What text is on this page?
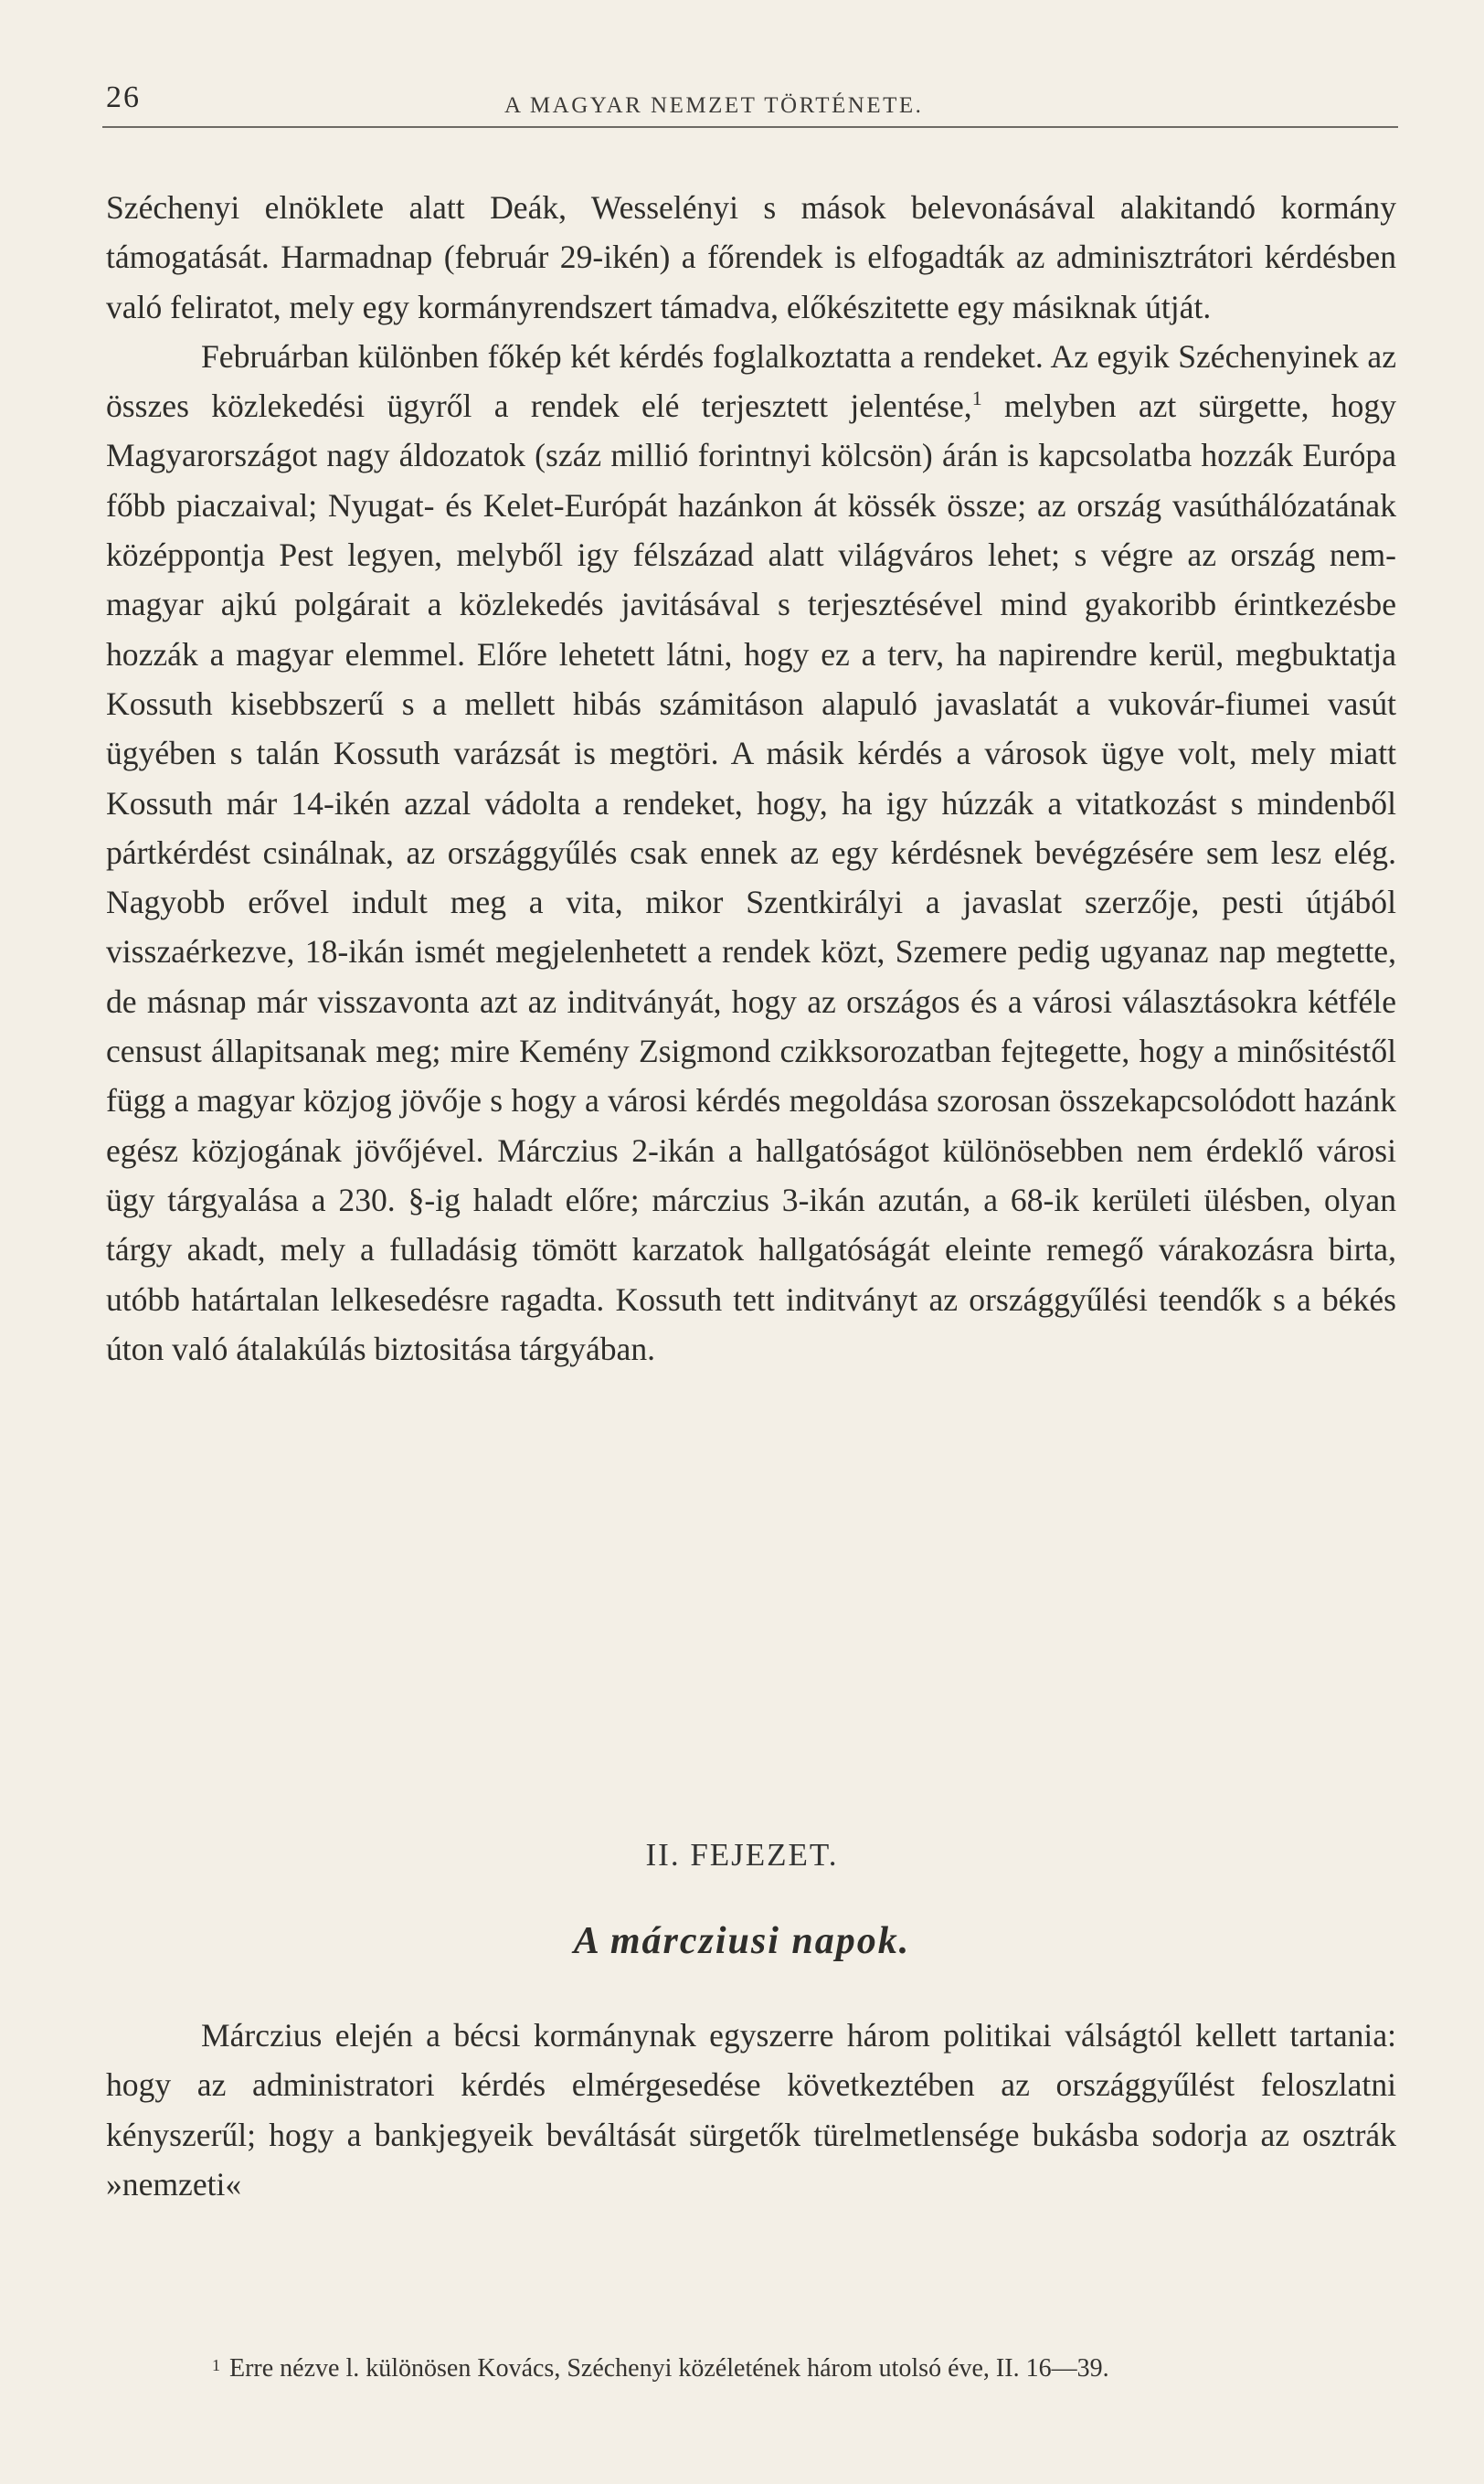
26	A MAGYAR NEMZET TÖRTÉNETE.

Széchenyi elnöklete alatt Deák, Wesselényi s mások belevonásával alakitandó kormány támogatását. Harmadnap (február 29-ikén) a főrendek is elfogadták az adminisztrátori kérdésben való feliratot, mely egy kormányrendszert támadva, előkészitette egy másiknak útját.

Februárban különben főkép két kérdés foglalkoztatta a rendeket. Az egyik Széchenyinek az összes közlekedési ügyről a rendek elé terjesztett jelentése,$^1$ melyben azt sürgette, hogy Magyarországot nagy áldozatok (száz millió forintnyi kölcsön) árán is kapcsolatba hozzák Európa főbb piaczaival; Nyugat- és Kelet-Európát hazánkon át kössék össze; az ország vasúthálózatának középpontja Pest legyen, melyből igy félszázad alatt világváros lehet; s végre az ország nem-magyar ajkú polgárait a közlekedés javitásával s terjesztésével mind gyakoribb érintkezésbe hozzák a magyar elemmel. Előre lehetett látni, hogy ez a terv, ha napirendre kerül, megbuktatja Kossuth kisebbszerű s a mellett hibás számitáson alapuló javaslatát a vukovár-fiumei vasút ügyében s talán Kossuth varázsát is megtöri. A másik kérdés a városok ügye volt, mely miatt Kossuth már 14-ikén azzal vádolta a rendeket, hogy, ha igy húzzák a vitatkozást s mindenből pártkérdést csinálnak, az országgyűlés csak ennek az egy kérdésnek bevégzésére sem lesz elég. Nagyobb erővel indult meg a vita, mikor Szentkirályi a javaslat szerzője, pesti útjából visszaérkezve, 18-ikán ismét megjelenhetett a rendek közt, Szemere pedig ugyanaz nap megtette, de másnap már visszavonta azt az inditványát, hogy az országos és a városi választásokra kétféle censust állapitsanak meg; mire Kemény Zsigmond czikksorozatban fejtegette, hogy a minősitéstől függ a magyar közjog jövője s hogy a városi kérdés megoldása szorosan összekapcsolódott hazánk egész közjogának jövőjével. Márczius 2-ikán a hallgatóságot különösebben nem érdeklő városi ügy tárgyalása a 230. §-ig haladt előre; márczius 3-ikán azután, a 68-ik kerületi ülésben, olyan tárgy akadt, mely a fulladásig tömött karzatok hallgatóságát eleinte remegő várakozásra birta, utóbb határtalan lelkesedésre ragadta. Kossuth tett inditványt az országgyűlési teendők s a békés úton való átalakúlás biztositása tárgyában.

II. FEJEZET.
A márcziusi napok.

Márczius elején a bécsi kormánynak egyszerre három politikai válságtól kellett tartania: hogy az administratori kérdés elmérgesedése következtében az országgyűlést feloszlatni kényszerűl; hogy a bankjegyeik beváltását sürgetők türelmetlensége bukásba sodorja az osztrák »nemzeti«

$^1$ Erre nézve l. különösen Kovács, Széchenyi közéletének három utolsó éve, II. 16—39.
